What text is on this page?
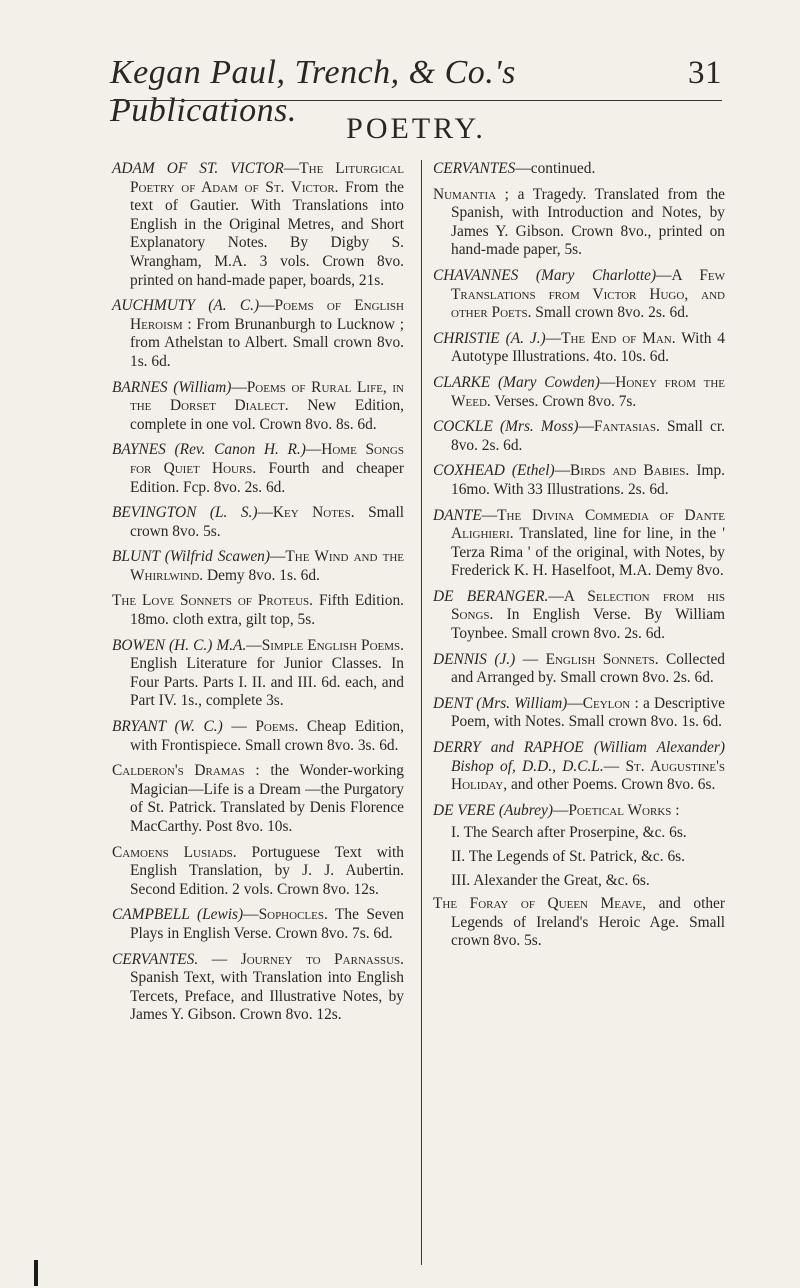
Kegan Paul, Trench, & Co.'s Publications.
31
POETRY.

ADAM OF ST. VICTOR—The Liturgical Poetry of Adam of St. Victor. From the text of Gautier. With Translations into English in the Original Metres, and Short Explanatory Notes. By Digby S. Wrangham, M.A. 3 vols. Crown 8vo. printed on hand-made paper, boards, 21s.

AUCHMUTY (A. C.)—Poems of English Heroism : From Brunanburgh to Lucknow ; from Athelstan to Albert. Small crown 8vo. 1s. 6d.

BARNES (William)—Poems of Rural Life, in the Dorset Dialect. New Edition, complete in one vol. Crown 8vo. 8s. 6d.

BAYNES (Rev. Canon H. R.)—Home Songs for Quiet Hours. Fourth and cheaper Edition. Fcp. 8vo. 2s. 6d.

BEVINGTON (L. S.)—Key Notes. Small crown 8vo. 5s.

BLUNT (Wilfrid Scawen)—The Wind and the Whirlwind. Demy 8vo. 1s. 6d.

The Love Sonnets of Proteus. Fifth Edition. 18mo. cloth extra, gilt top, 5s.

BOWEN (H. C.) M.A.—Simple English Poems. English Literature for Junior Classes. In Four Parts. Parts I. II. and III. 6d. each, and Part IV. 1s., complete 3s.

BRYANT (W. C.) — Poems. Cheap Edition, with Frontispiece. Small crown 8vo. 3s. 6d.

Calderon's Dramas : the Wonder-working Magician—Life is a Dream —the Purgatory of St. Patrick. Translated by Denis Florence MacCarthy. Post 8vo. 10s.

Camoens Lusiads. Portuguese Text with English Translation, by J. J. Aubertin. Second Edition. 2 vols. Crown 8vo. 12s.

CAMPBELL (Lewis)—Sophocles. The Seven Plays in English Verse. Crown 8vo. 7s. 6d.

CERVANTES. — Journey to Parnassus. Spanish Text, with Translation into English Tercets, Preface, and Illustrative Notes, by James Y. Gibson. Crown 8vo. 12s.

CERVANTES—continued.

Numantia ; a Tragedy. Translated from the Spanish, with Introduction and Notes, by James Y. Gibson. Crown 8vo., printed on hand-made paper, 5s.

CHAVANNES (Mary Charlotte)—A Few Translations from Victor Hugo, and other Poets. Small crown 8vo. 2s. 6d.

CHRISTIE (A. J.)—The End of Man. With 4 Autotype Illustrations. 4to. 10s. 6d.

CLARKE (Mary Cowden)—Honey from the Weed. Verses. Crown 8vo. 7s.

COCKLE (Mrs. Moss)—Fantasias. Small cr. 8vo. 2s. 6d.

COXHEAD (Ethel)—Birds and Babies. Imp. 16mo. With 33 Illustrations. 2s. 6d.

DANTE—The Divina Commedia of Dante Alighieri. Translated, line for line, in the ' Terza Rima ' of the original, with Notes, by Frederick K. H. Haselfoot, M.A. Demy 8vo.

DE BERANGER.—A Selection from his Songs. In English Verse. By William Toynbee. Small crown 8vo. 2s. 6d.

DENNIS (J.) — English Sonnets. Collected and Arranged by. Small crown 8vo. 2s. 6d.

DENT (Mrs. William)—Ceylon : a Descriptive Poem, with Notes. Small crown 8vo. 1s. 6d.

DERRY and RAPHOE (William Alexander) Bishop of, D.D., D.C.L.— St. Augustine's Holiday, and other Poems. Crown 8vo. 6s.

DE VERE (Aubrey)—Poetical Works :

I. The Search after Proserpine, &c. 6s.

II. The Legends of St. Patrick, &c. 6s.

III. Alexander the Great, &c. 6s.

The Foray of Queen Meave, and other Legends of Ireland's Heroic Age. Small crown 8vo. 5s.
